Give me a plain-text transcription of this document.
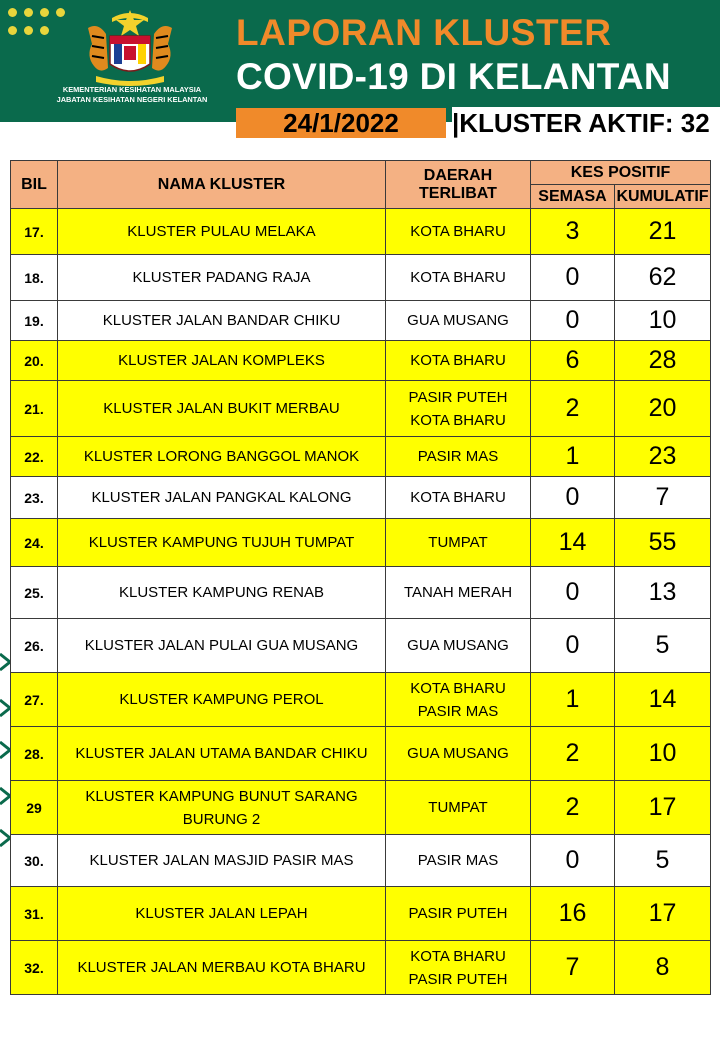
KEMENTERIAN KESIHATAN MALAYSIA
JABATAN KESIHATAN NEGERI KELANTAN
LAPORAN KLUSTER
COVID-19 DI KELANTAN
24/1/2022	|KLUSTER AKTIF: 32
BIL	NAMA KLUSTER	DAERAH
TERLIBAT	KES POSITIF	
			SEMASA	KUMULATIF
17.	KLUSTER PULAU MELAKA	KOTA BHARU	3	21
18.	KLUSTER PADANG RAJA	KOTA BHARU	0	62
19.	KLUSTER JALAN BANDAR CHIKU	GUA MUSANG	0	10
20.	KLUSTER JALAN KOMPLEKS	KOTA BHARU	6	28
21.	KLUSTER JALAN BUKIT MERBAU	PASIR PUTEH
KOTA BHARU	2	20
22.	KLUSTER LORONG BANGGOL MANOK	PASIR MAS	1	23
23.	KLUSTER JALAN PANGKAL KALONG	KOTA BHARU	0	7
24.	KLUSTER KAMPUNG TUJUH TUMPAT	TUMPAT	14	55
25.	KLUSTER KAMPUNG RENAB	TANAH MERAH	0	13
26.	KLUSTER JALAN PULAI GUA MUSANG	GUA MUSANG	0	5
27.	KLUSTER KAMPUNG PEROL	KOTA BHARU
PASIR MAS	1	14
28.	KLUSTER JALAN UTAMA BANDAR CHIKU	GUA MUSANG	2	10
29	KLUSTER KAMPUNG BUNUT SARANG BURUNG 2	TUMPAT	2	17
30.	KLUSTER JALAN MASJID PASIR MAS	PASIR MAS	0	5
31.	KLUSTER JALAN LEPAH	PASIR PUTEH	16	17
32.	KLUSTER JALAN MERBAU KOTA BHARU	KOTA BHARU
PASIR PUTEH	7	8
